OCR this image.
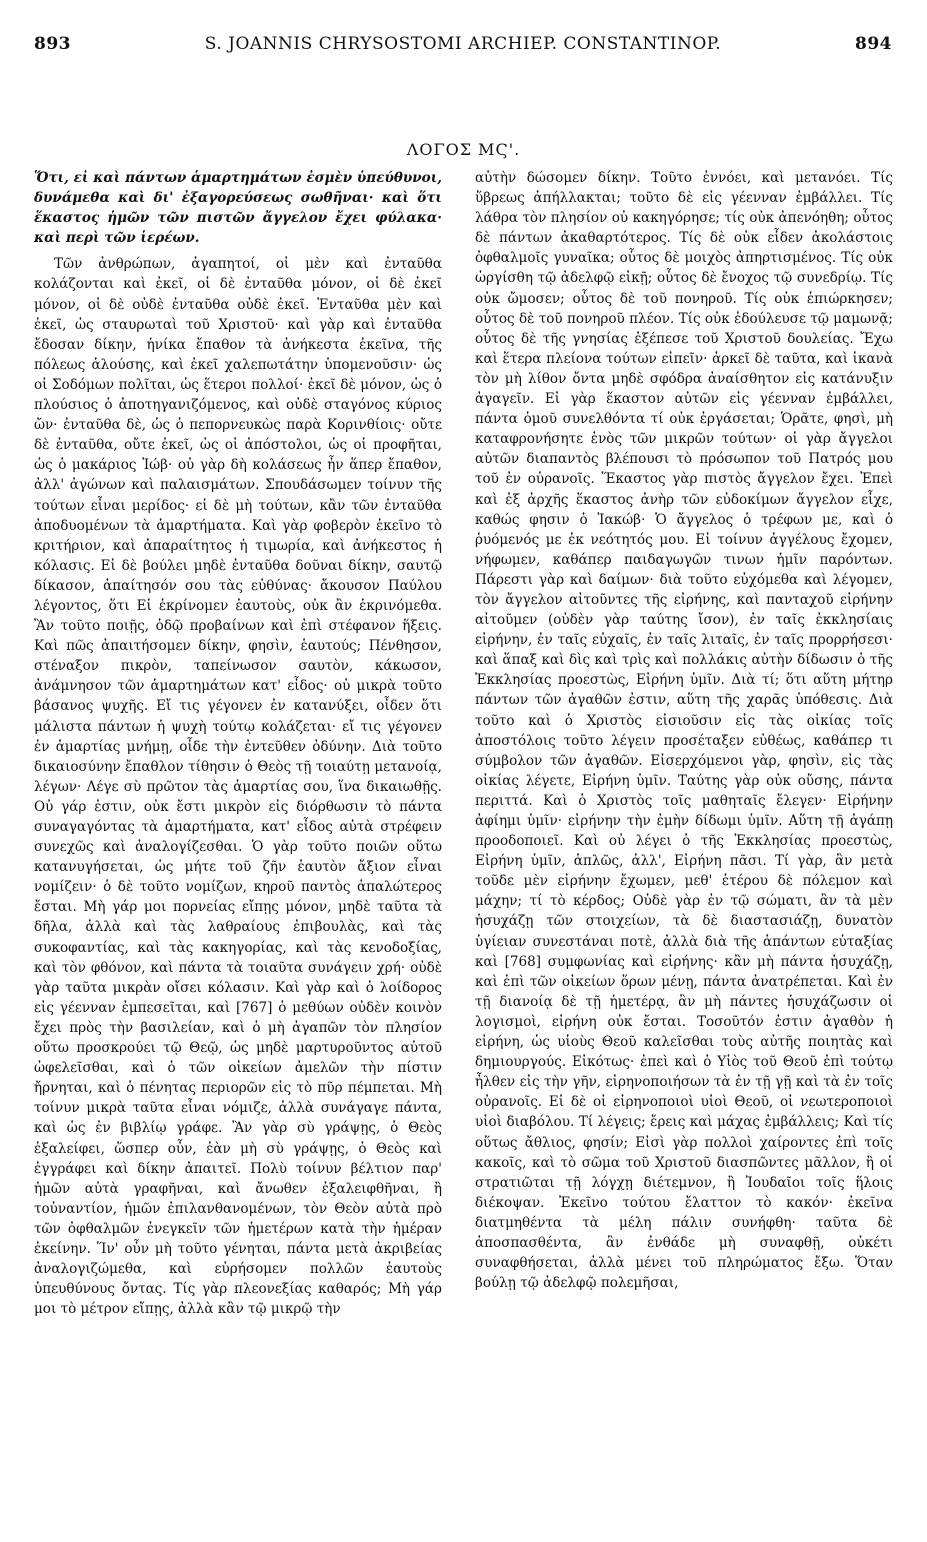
893	S. JOANNIS CHRYSOSTOMI ARCHIEP. CONSTANTINOP.	894
ΛΟΓΟΣ ΜϚ'.

Ὅτι, εἰ καὶ πάντων ἁμαρτημάτων ἐσμὲν ὑπεύθυνοι, δυνάμεθα καὶ δι' ἐξαγορεύσεως σωθῆναι· καὶ ὅτι ἕκαστος ἡμῶν τῶν πιστῶν ἄγγελον ἔχει φύλακα· καὶ περὶ τῶν ἱερέων.

Τῶν ἀνθρώπων, ἀγαπητοί, οἱ μὲν καὶ ἐνταῦθα κολάζονται καὶ ἐκεῖ, οἱ δὲ ἐνταῦθα μόνον, οἱ δὲ ἐκεῖ μόνον, οἱ δὲ οὐδὲ ἐνταῦθα οὐδὲ ἐκεῖ. Ἐνταῦθα μὲν καὶ ἐκεῖ, ὡς σταυρωταὶ τοῦ Χριστοῦ· καὶ γὰρ καὶ ἐνταῦθα ἔδοσαν δίκην, ἡνίκα ἔπαθον τὰ ἀνήκεστα ἐκεῖνα, τῆς πόλεως ἁλούσης, καὶ ἐκεῖ χαλεπωτάτην ὑπομενοῦσιν· ὡς οἱ Σοδόμων πολῖται, ὡς ἕτεροι πολλοί· ἐκεῖ δὲ μόνον, ὡς ὁ πλούσιος ὁ ἀποτηγανιζόμενος, καὶ οὐδὲ σταγόνος κύριος ὤν· ἐνταῦθα δὲ, ὡς ὁ πεπορνευκὼς παρὰ Κορινθίοις· οὔτε δὲ ἐνταῦθα, οὔτε ἐκεῖ, ὡς οἱ ἀπόστολοι, ὡς οἱ προφῆται, ὡς ὁ μακάριος Ἰώβ· οὐ γὰρ δὴ κολάσεως ἦν ἅπερ ἔπαθον, ἀλλ' ἀγώνων καὶ παλαισμάτων. Σπουδάσωμεν τοίνυν τῆς τούτων εἶναι μερίδος· εἰ δὲ μὴ τούτων, κἂν τῶν ἐνταῦθα ἀποδυομένων τὰ ἁμαρτήματα. Καὶ γὰρ φοβερὸν ἐκεῖνο τὸ κριτήριον, καὶ ἀπαραίτητος ἡ τιμωρία, καὶ ἀνήκεστος ἡ κόλασις. Εἰ δὲ βούλει μηδὲ ἐνταῦθα δοῦναι δίκην, σαυτῷ δίκασον, ἀπαίτησόν σου τὰς εὐθύνας· ἄκουσον Παύλου λέγοντος, ὅτι Εἰ ἐκρίνομεν ἑαυτοὺς, οὐκ ἂν ἐκρινόμεθα. Ἂν τοῦτο ποιῇς, ὁδῷ προβαίνων καὶ ἐπὶ στέφανον ἥξεις. Καὶ πῶς ἀπαιτήσομεν δίκην, φησὶν, ἑαυτούς; Πένθησον, στέναξον πικρὸν, ταπείνωσον σαυτὸν, κάκωσον, ἀνάμνησον τῶν ἁμαρτημάτων κατ' εἶδος· οὐ μικρὰ τοῦτο βάσανος ψυχῆς. Εἴ τις γέγονεν ἐν κατανύξει, οἶδεν ὅτι μάλιστα πάντων ἡ ψυχὴ τούτῳ κολάζεται· εἴ τις γέγονεν ἐν ἁμαρτίας μνήμῃ, οἶδε τὴν ἐντεῦθεν ὀδύνην. Διὰ τοῦτο δικαιοσύνην ἔπαθλον τίθησιν ὁ Θεὸς τῇ τοιαύτῃ μετανοίᾳ, λέγων· Λέγε σὺ πρῶτον τὰς ἁμαρτίας σου, ἵνα δικαιωθῇς. Οὐ γάρ ἐστιν, οὐκ ἔστι μικρὸν εἰς διόρθωσιν τὸ πάντα συναγαγόντας τὰ ἁμαρτήματα, κατ' εἶδος αὐτὰ στρέφειν συνεχῶς καὶ ἀναλογίζεσθαι. Ὁ γὰρ τοῦτο ποιῶν οὕτω κατανυγήσεται, ὡς μήτε τοῦ ζῆν ἑαυτὸν ἄξιον εἶναι νομίζειν· ὁ δὲ τοῦτο νομίζων, κηροῦ παντὸς ἁπαλώτερος ἔσται. Μὴ γάρ μοι πορνείας εἴπῃς μόνον, μηδὲ ταῦτα τὰ δῆλα, ἀλλὰ καὶ τὰς λαθραίους ἐπιβουλὰς, καὶ τὰς συκοφαντίας, καὶ τὰς κακηγορίας, καὶ τὰς κενοδοξίας, καὶ τὸν φθόνον, καὶ πάντα τὰ τοιαῦτα συνάγειν χρή· οὐδὲ γὰρ ταῦτα μικρὰν οἴσει κόλασιν. Καὶ γὰρ καὶ ὁ λοίδορος εἰς γέενναν ἐμπεσεῖται, καὶ [767] ὁ μεθύων οὐδὲν κοινὸν ἔχει πρὸς τὴν βασιλείαν, καὶ ὁ μὴ ἀγαπῶν τὸν πλησίον οὕτω προσκρούει τῷ Θεῷ, ὡς μηδὲ μαρτυροῦντος αὐτοῦ ὠφελεῖσθαι, καὶ ὁ τῶν οἰκείων ἀμελῶν τὴν πίστιν ἤρνηται, καὶ ὁ πένητας περιορῶν εἰς τὸ πῦρ πέμπεται. Μὴ τοίνυν μικρὰ ταῦτα εἶναι νόμιζε, ἀλλὰ συνάγαγε πάντα, καὶ ὡς ἐν βιβλίῳ γράφε. Ἂν γὰρ σὺ γράψῃς, ὁ Θεὸς ἐξαλείφει, ὥσπερ οὖν, ἐὰν μὴ σὺ γράψῃς, ὁ Θεὸς καὶ ἐγγράφει καὶ δίκην ἀπαιτεῖ. Πολὺ τοίνυν βέλτιον παρ' ἡμῶν αὐτὰ γραφῆναι, καὶ ἄνωθεν ἐξαλειφθῆναι, ἢ τοὐναντίον, ἡμῶν ἐπιλανθανομένων, τὸν Θεὸν αὐτὰ πρὸ τῶν ὀφθαλμῶν ἐνεγκεῖν τῶν ἡμετέρων κατὰ τὴν ἡμέραν ἐκείνην. Ἵν' οὖν μὴ τοῦτο γένηται, πάντα μετὰ ἀκριβείας ἀναλογιζώμεθα, καὶ εὑρήσομεν πολλῶν ἑαυτοὺς ὑπευθύνους ὄντας. Τίς γὰρ πλεονεξίας καθαρός; Μὴ γάρ μοι τὸ μέτρον εἴπῃς, ἀλλὰ κἂν τῷ μικρῷ τὴν

αὐτὴν δώσομεν δίκην. Τοῦτο ἐννόει, καὶ μετανόει. Τίς ὕβρεως ἀπήλλακται; τοῦτο δὲ εἰς γέενναν ἐμβάλλει. Τίς λάθρα τὸν πλησίον οὐ κακηγόρησε; τίς οὐκ ἀπενόηθη; οὗτος δὲ πάντων ἀκαθαρτότερος. Τίς δὲ οὐκ εἶδεν ἀκολάστοις ὀφθαλμοῖς γυναῖκα; οὗτος δὲ μοιχὸς ἀπηρτισμένος. Τίς οὐκ ὠργίσθη τῷ ἀδελφῷ εἰκῇ; οὗτος δὲ ἔνοχος τῷ συνεδρίῳ. Τίς οὐκ ὤμοσεν; οὗτος δὲ τοῦ πονηροῦ. Τίς οὐκ ἐπιώρκησεν; οὗτος δὲ τοῦ πονηροῦ πλέον. Τίς οὐκ ἐδούλευσε τῷ μαμωνᾷ; οὗτος δὲ τῆς γνησίας ἐξέπεσε τοῦ Χριστοῦ δουλείας. Ἔχω καὶ ἕτερα πλείονα τούτων εἰπεῖν· ἀρκεῖ δὲ ταῦτα, καὶ ἱκανὰ τὸν μὴ λίθον ὄντα μηδὲ σφόδρα ἀναίσθητον εἰς κατάνυξιν ἀγαγεῖν. Εἰ γὰρ ἕκαστον αὐτῶν εἰς γέενναν ἐμβάλλει, πάντα ὁμοῦ συνελθόντα τί οὐκ ἐργάσεται; Ὁρᾶτε, φησὶ, μὴ καταφρονήσητε ἑνὸς τῶν μικρῶν τούτων· οἱ γὰρ ἄγγελοι αὐτῶν διαπαντὸς βλέπουσι τὸ πρόσωπον τοῦ Πατρός μου τοῦ ἐν οὐρανοῖς. Ἕκαστος γὰρ πιστὸς ἄγγελον ἔχει. Ἐπεὶ καὶ ἐξ ἀρχῆς ἕκαστος ἀνὴρ τῶν εὐδοκίμων ἄγγελον εἶχε, καθώς φησιν ὁ Ἰακώβ· Ὁ ἄγγελος ὁ τρέφων με, καὶ ὁ ῥυόμενός με ἐκ νεότητός μου. Εἰ τοίνυν ἀγγέλους ἔχομεν, νήφωμεν, καθάπερ παιδαγωγῶν τινων ἡμῖν παρόντων. Πάρεστι γὰρ καὶ δαίμων· διὰ τοῦτο εὐχόμεθα καὶ λέγομεν, τὸν ἄγγελον αἰτοῦντες τῆς εἰρήνης, καὶ πανταχοῦ εἰρήνην αἰτοῦμεν (οὐδὲν γὰρ ταύτης ἴσον), ἐν ταῖς ἐκκλησίαις εἰρήνην, ἐν ταῖς εὐχαῖς, ἐν ταῖς λιταῖς, ἐν ταῖς προρρήσεσι· καὶ ἅπαξ καὶ δὶς καὶ τρὶς καὶ πολλάκις αὐτὴν δίδωσιν ὁ τῆς Ἐκκλησίας προεστὼς, Εἰρήνη ὑμῖν. Διὰ τί; ὅτι αὕτη μήτηρ πάντων τῶν ἀγαθῶν ἐστιν, αὕτη τῆς χαρᾶς ὑπόθεσις. Διὰ τοῦτο καὶ ὁ Χριστὸς εἰσιοῦσιν εἰς τὰς οἰκίας τοῖς ἀποστόλοις τοῦτο λέγειν προσέταξεν εὐθέως, καθάπερ τι σύμβολον τῶν ἀγαθῶν. Εἰσερχόμενοι γὰρ, φησὶν, εἰς τὰς οἰκίας λέγετε, Εἰρήνη ὑμῖν. Ταύτης γὰρ οὐκ οὔσης, πάντα περιττά. Καὶ ὁ Χριστὸς τοῖς μαθηταῖς ἔλεγεν· Εἰρήνην ἀφίημι ὑμῖν· εἰρήνην τὴν ἐμὴν δίδωμι ὑμῖν. Αὕτη τῇ ἀγάπῃ προοδοποιεῖ. Καὶ οὐ λέγει ὁ τῆς Ἐκκλησίας προεστὼς, Εἰρήνη ὑμῖν, ἁπλῶς, ἀλλ', Εἰρήνη πᾶσι. Τί γὰρ, ἂν μετὰ τοῦδε μὲν εἰρήνην ἔχωμεν, μεθ' ἑτέρου δὲ πόλεμον καὶ μάχην; τί τὸ κέρδος; Οὐδὲ γὰρ ἐν τῷ σώματι, ἂν τὰ μὲν ἡσυχάζῃ τῶν στοιχείων, τὰ δὲ διαστασιάζῃ, δυνατὸν ὑγίειαν συνεστάναι ποτὲ, ἀλλὰ διὰ τῆς ἁπάντων εὐταξίας καὶ [768] συμφωνίας καὶ εἰρήνης· κἂν μὴ πάντα ἡσυχάζῃ, καὶ ἐπὶ τῶν οἰκείων ὅρων μένῃ, πάντα ἀνατρέπεται. Καὶ ἐν τῇ διανοίᾳ δὲ τῇ ἡμετέρᾳ, ἂν μὴ πάντες ἡσυχάζωσιν οἱ λογισμοὶ, εἰρήνη οὐκ ἔσται. Τοσοῦτόν ἐστιν ἀγαθὸν ἡ εἰρήνη, ὡς υἱοὺς Θεοῦ καλεῖσθαι τοὺς αὐτῆς ποιητὰς καὶ δημιουργούς. Εἰκότως· ἐπεὶ καὶ ὁ Υἱὸς τοῦ Θεοῦ ἐπὶ τούτῳ ἦλθεν εἰς τὴν γῆν, εἰρηνοποιήσων τὰ ἐν τῇ γῇ καὶ τὰ ἐν τοῖς οὐρανοῖς. Εἰ δὲ οἱ εἰρηνοποιοὶ υἱοὶ Θεοῦ, οἱ νεωτεροποιοὶ υἱοὶ διαβόλου. Τί λέγεις; ἔρεις καὶ μάχας ἐμβάλλεις; Καὶ τίς οὕτως ἄθλιος, φησίν; Εἰσὶ γὰρ πολλοὶ χαίροντες ἐπὶ τοῖς κακοῖς, καὶ τὸ σῶμα τοῦ Χριστοῦ διασπῶντες μᾶλλον, ἢ οἱ στρατιῶται τῇ λόγχῃ διέτεμνον, ἢ Ἰουδαῖοι τοῖς ἥλοις διέκοψαν. Ἐκεῖνο τούτου ἔλαττον τὸ κακόν· ἐκεῖνα διατμηθέντα τὰ μέλη πάλιν συνήφθη· ταῦτα δὲ ἀποσπασθέντα, ἂν ἐνθάδε μὴ συναφθῇ, οὐκέτι συναφθήσεται, ἀλλὰ μένει τοῦ πληρώματος ἔξω. Ὅταν βούλῃ τῷ ἀδελφῷ πολεμῆσαι,
